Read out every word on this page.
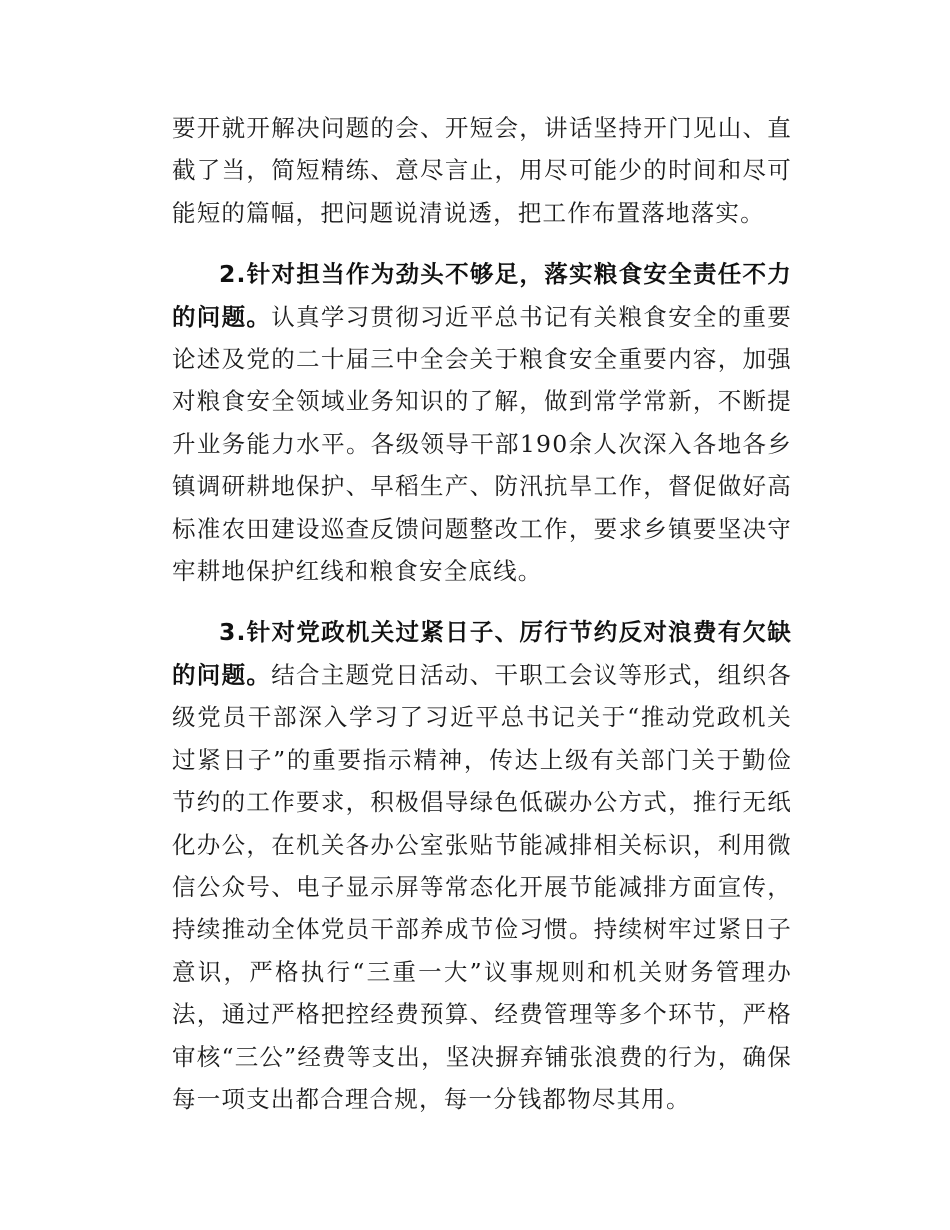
要开就开解决问题的会、开短会，讲话坚持开门见山、直截了当，简短精练、意尽言止，用尽可能少的时间和尽可能短的篇幅，把问题说清说透，把工作布置落地落实。

2.针对担当作为劲头不够足，落实粮食安全责任不力的问题。认真学习贯彻习近平总书记有关粮食安全的重要论述及党的二十届三中全会关于粮食安全重要内容，加强对粮食安全领域业务知识的了解，做到常学常新，不断提升业务能力水平。各级领导干部190余人次深入各地各乡镇调研耕地保护、早稻生产、防汛抗旱工作，督促做好高标准农田建设巡查反馈问题整改工作，要求乡镇要坚决守牢耕地保护红线和粮食安全底线。

3.针对党政机关过紧日子、厉行节约反对浪费有欠缺的问题。结合主题党日活动、干职工会议等形式，组织各级党员干部深入学习了习近平总书记关于“推动党政机关过紧日子”的重要指示精神，传达上级有关部门关于勤俭节约的工作要求，积极倡导绿色低碳办公方式，推行无纸化办公，在机关各办公室张贴节能减排相关标识，利用微信公众号、电子显示屏等常态化开展节能减排方面宣传，持续推动全体党员干部养成节俭习惯。持续树牢过紧日子意识，严格执行“三重一大”议事规则和机关财务管理办法，通过严格把控经费预算、经费管理等多个环节，严格审核“三公”经费等支出，坚决摒弃铺张浪费的行为，确保每一项支出都合理合规，每一分钱都物尽其用。
